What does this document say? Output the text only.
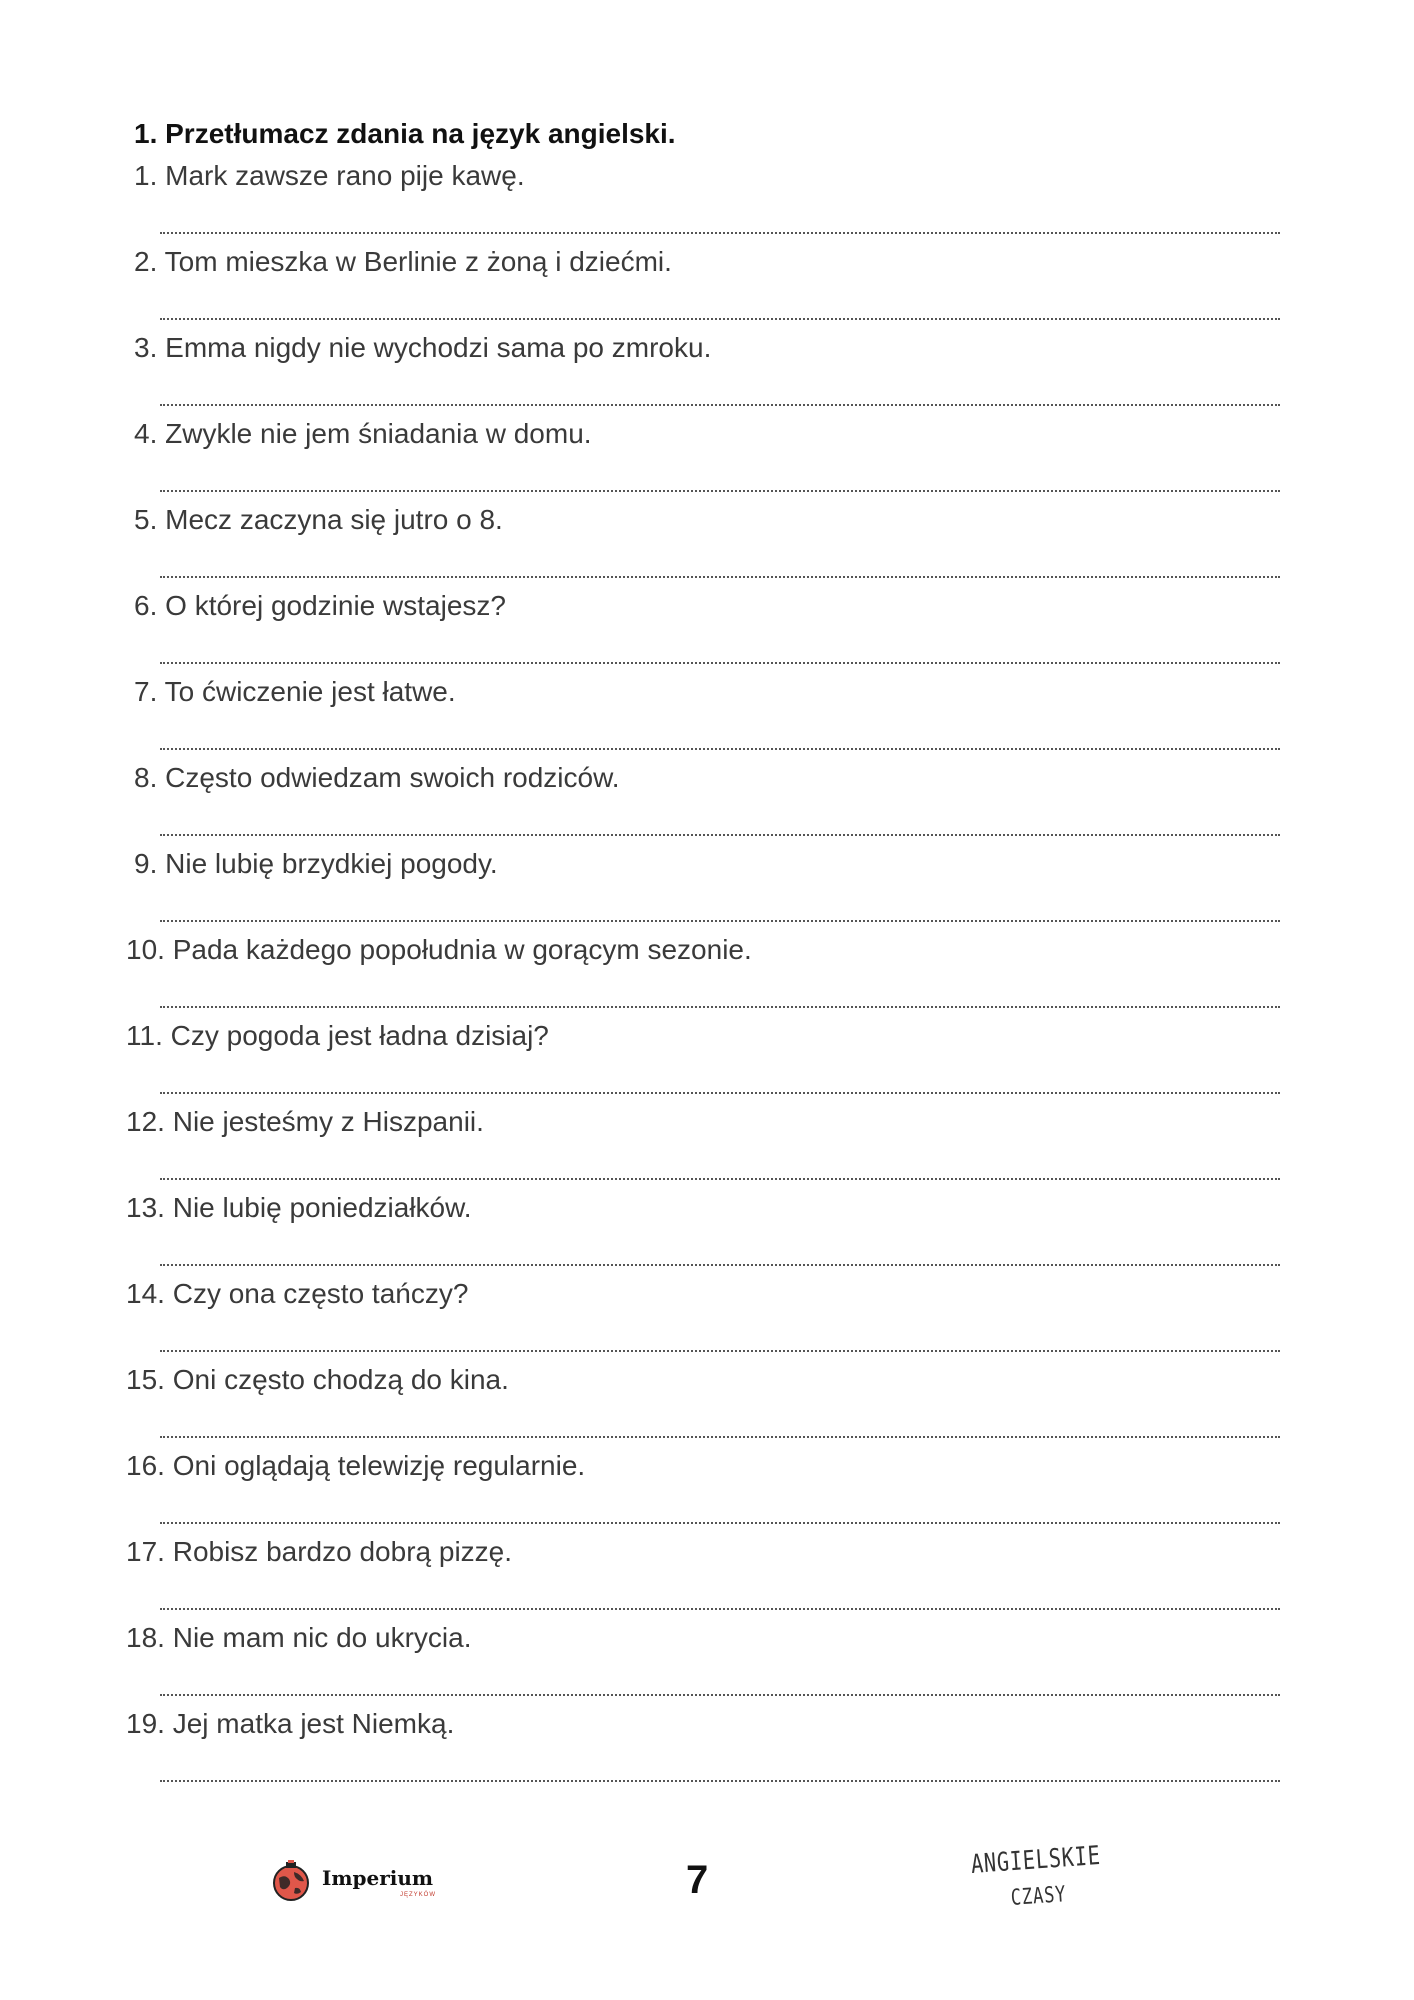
1. Przetłumacz zdania na język angielski.
1. Mark zawsze rano pije kawę.
2. Tom mieszka w Berlinie z żoną i dziećmi.
3. Emma nigdy nie wychodzi sama po zmroku.
4. Zwykle nie jem śniadania w domu.
5. Mecz zaczyna się jutro o 8.
6. O której godzinie wstajesz?
7. To ćwiczenie jest łatwe.
8. Często odwiedzam swoich rodziców.
9. Nie lubię brzydkiej pogody.
10. Pada każdego popołudnia w gorącym sezonie.
11. Czy pogoda jest ładna dzisiaj?
12. Nie jesteśmy z Hiszpanii.
13. Nie lubię poniedziałków.
14. Czy ona często tańczy?
15. Oni często chodzą do kina.
16. Oni oglądają telewizję regularnie.
17. Robisz bardzo dobrą pizzę.
18. Nie mam nic do ukrycia.
19. Jej matka jest Niemką.
Imperium
JĘZYKÓW	7	ANGIELSKIE
CZASY
